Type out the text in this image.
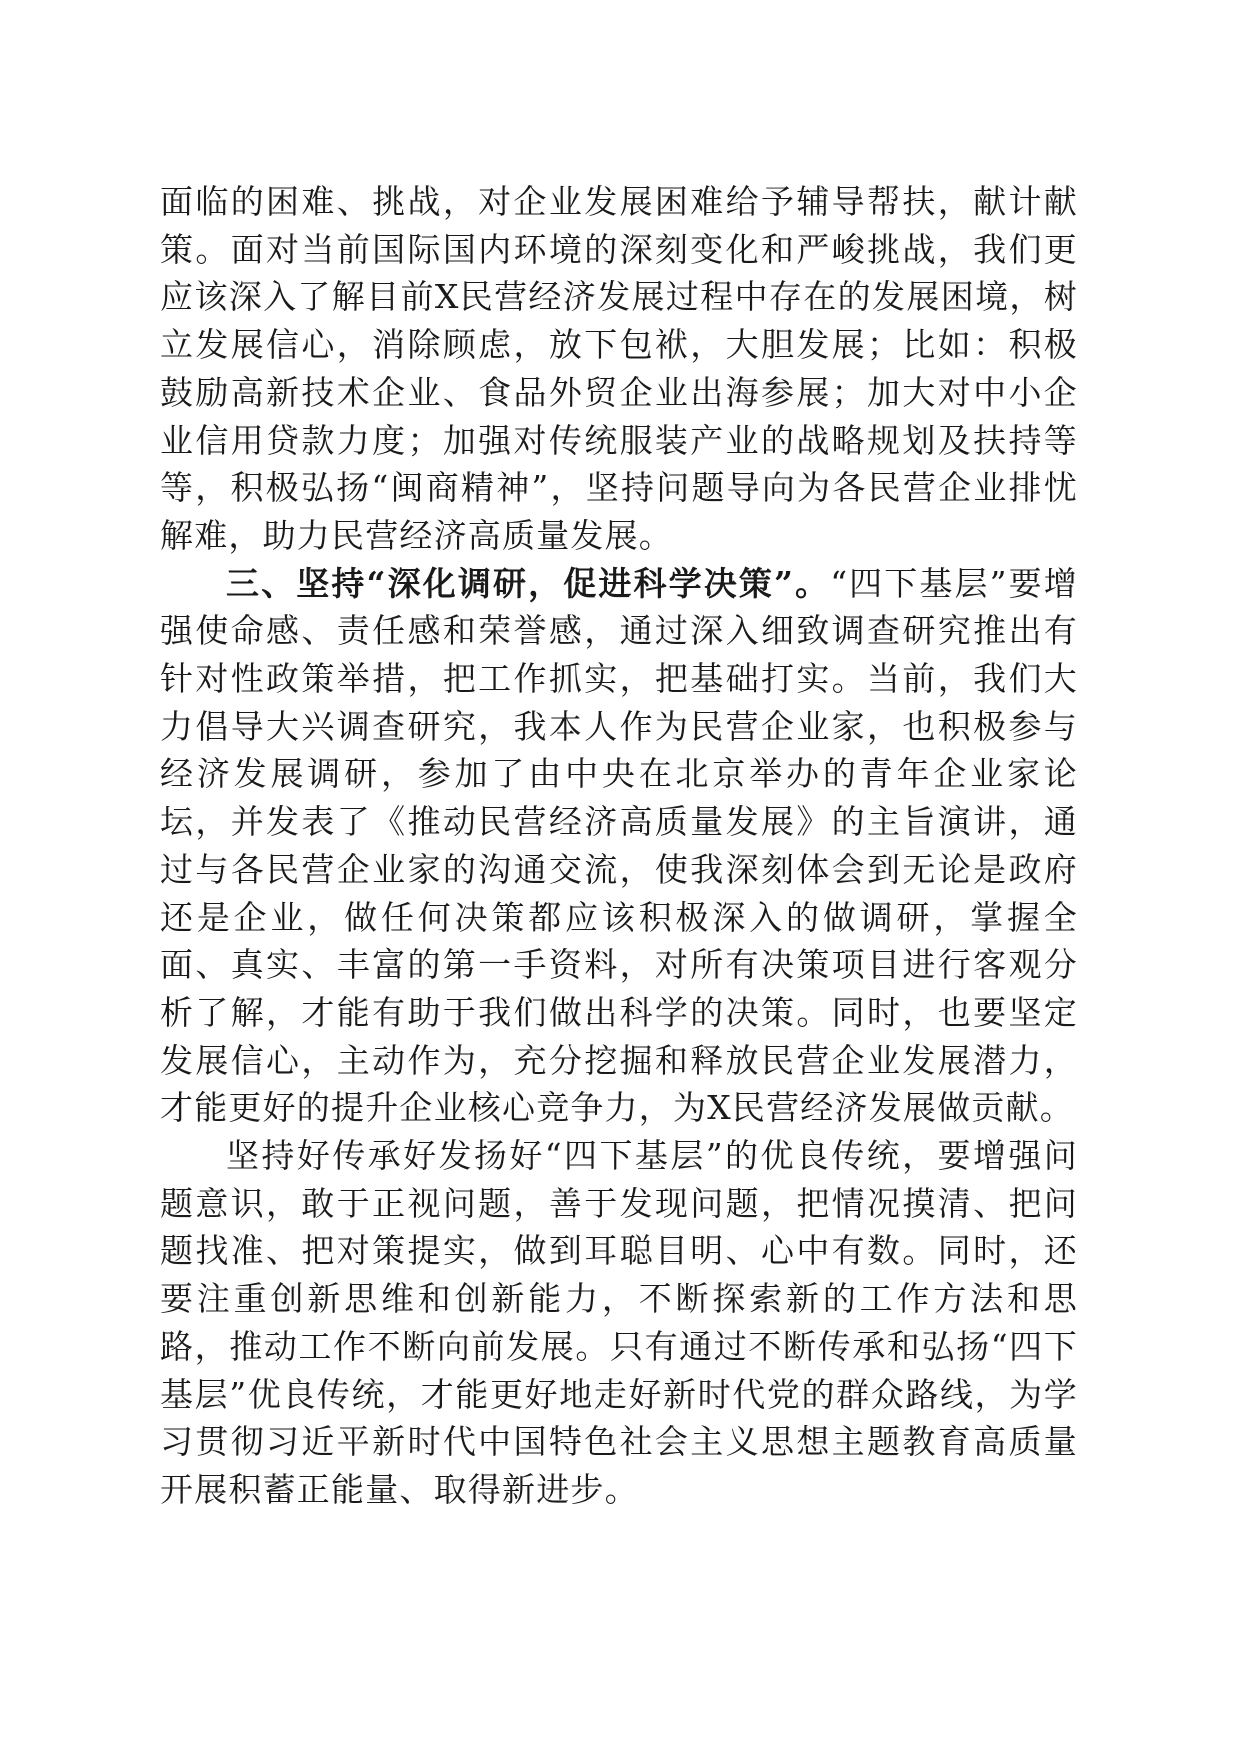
面临的困难、挑战，对企业发展困难给予辅导帮扶，献计献策。面对当前国际国内环境的深刻变化和严峻挑战，我们更应该深入了解目前X民营经济发展过程中存在的发展困境，树立发展信心，消除顾虑，放下包袱，大胆发展；比如：积极鼓励高新技术企业、食品外贸企业出海参展；加大对中小企业信用贷款力度；加强对传统服装产业的战略规划及扶持等等，积极弘扬“闽商精神”，坚持问题导向为各民营企业排忧解难，助力民营经济高质量发展。

三、坚持“深化调研，促进科学决策”。“四下基层”要增强使命感、责任感和荣誉感，通过深入细致调查研究推出有针对性政策举措，把工作抓实，把基础打实。当前，我们大力倡导大兴调查研究，我本人作为民营企业家，也积极参与经济发展调研，参加了由中央在北京举办的青年企业家论坛，并发表了《推动民营经济高质量发展》的主旨演讲，通过与各民营企业家的沟通交流，使我深刻体会到无论是政府还是企业，做任何决策都应该积极深入的做调研，掌握全面、真实、丰富的第一手资料，对所有决策项目进行客观分析了解，才能有助于我们做出科学的决策。同时，也要坚定发展信心，主动作为，充分挖掘和释放民营企业发展潜力，才能更好的提升企业核心竞争力，为X民营经济发展做贡献。

坚持好传承好发扬好“四下基层”的优良传统，要增强问题意识，敢于正视问题，善于发现问题，把情况摸清、把问题找准、把对策提实，做到耳聪目明、心中有数。同时，还要注重创新思维和创新能力，不断探索新的工作方法和思路，推动工作不断向前发展。只有通过不断传承和弘扬“四下基层”优良传统，才能更好地走好新时代党的群众路线，为学习贯彻习近平新时代中国特色社会主义思想主题教育高质量开展积蓄正能量、取得新进步。
